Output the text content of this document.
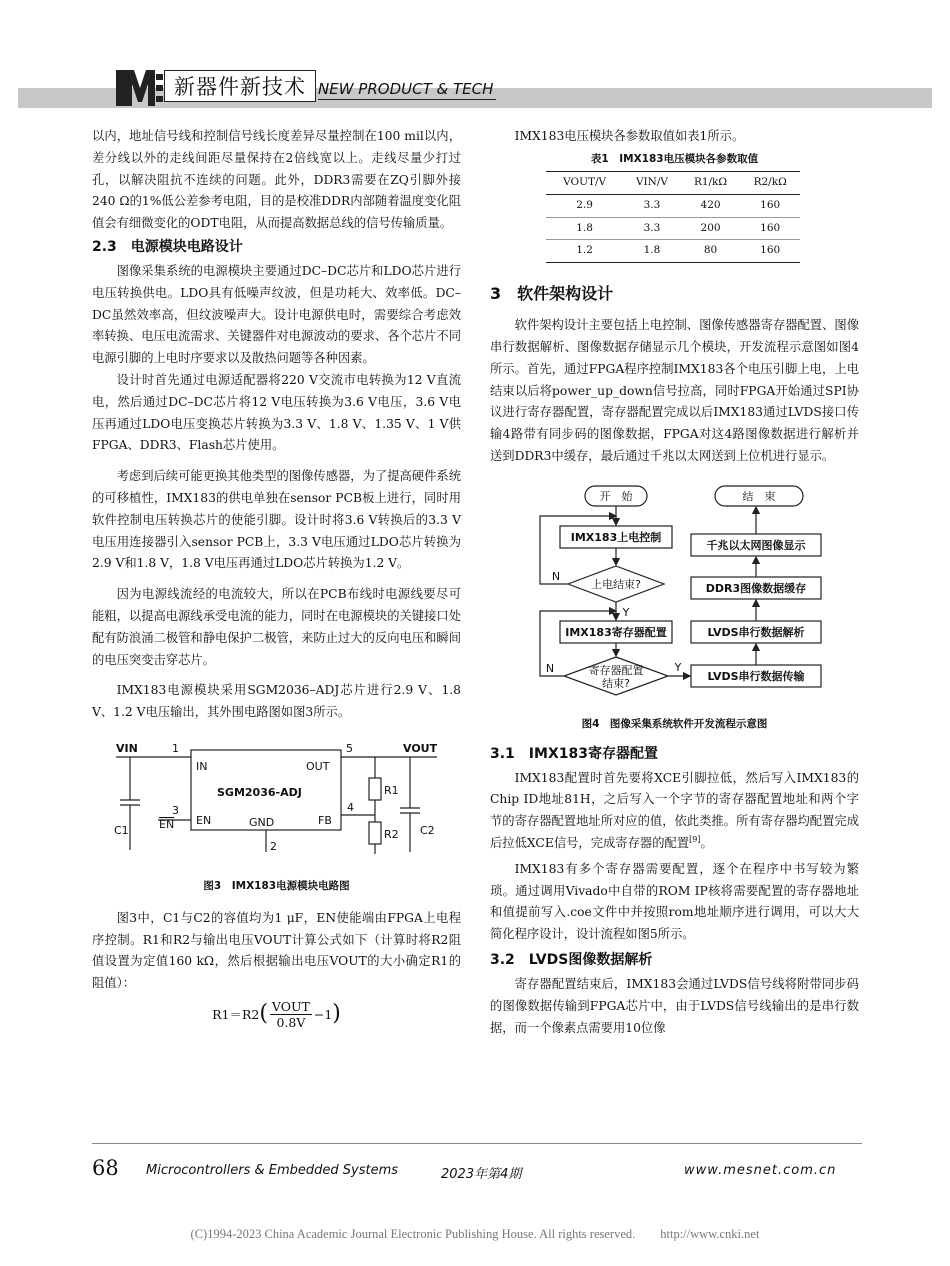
新器件新技术 NEW PRODUCT & TECH

以内，地址信号线和控制信号线长度差异尽量控制在100 mil以内，差分线以外的走线间距尽量保持在2倍线宽以上。走线尽量少打过孔，以解决阻抗不连续的问题。此外，DDR3需要在ZQ引脚外接240 Ω的1%低公差参考电阻，目的是校准DDR内部随着温度变化阻值会有细微变化的ODT电阻，从而提高数据总线的信号传输质量。

2.3　电源模块电路设计

图像采集系统的电源模块主要通过DC–DC芯片和LDO芯片进行电压转换供电。LDO具有低噪声纹波，但是功耗大、效率低。DC–DC虽然效率高，但纹波噪声大。设计电源供电时，需要综合考虑效率转换、电压电流需求、关键器件对电源波动的要求、各个芯片不同电源引脚的上电时序要求以及散热问题等各种因素。

设计时首先通过电源适配器将220 V交流市电转换为12 V直流电，然后通过DC–DC芯片将12 V电压转换为3.6 V电压，3.6 V电压再通过LDO电压变换芯片转换为3.3 V、1.8 V、1.35 V、1 V供FPGA、DDR3、Flash芯片使用。

考虑到后续可能更换其他类型的图像传感器，为了提高硬件系统的可移植性，IMX183的供电单独在sensor PCB板上进行，同时用软件控制电压转换芯片的使能引脚。设计时将3.6 V转换后的3.3 V电压用连接器引入sensor PCB上，3.3 V电压通过LDO芯片转换为2.9 V和1.8 V，1.8 V电压再通过LDO芯片转换为1.2 V。

因为电源线流经的电流较大，所以在PCB布线时电源线要尽可能粗，以提高电源线承受电流的能力，同时在电源模块的关键接口处配有防浪涌二极管和静电保护二极管，来防止过大的反向电压和瞬间的电压突变击穿芯片。

IMX183电源模块采用SGM2036–ADJ芯片进行2.9 V、1.8 V、1.2 V电压输出，其外围电路图如图3所示。

VIN	1
IN	OUT
5	VOUT
3
EN EN
SGM2036-ADJ
FB
4
GND
2
C1	C2
R1
R2
图3　IMX183电源模块电路图

图3中，C1与C2的容值均为1 μF，EN使能端由FPGA上电程序控制。R1和R2与输出电压VOUT计算公式如下（计算时将R2阻值设置为定值160 kΩ，然后根据输出电压VOUT的大小确定R1的阻值）：

R1＝R2 ( VOUT
0.8V
−1 )

IMX183电压模块各参数取值如表1所示。

表1　IMX183电压模块各参数取值
VOUT/V	VIN/V	R1/kΩ	R2/kΩ
2.9	3.3	420	160
1.8	3.3	200	160
1.2	1.8	80	160

3　软件架构设计

软件架构设计主要包括上电控制、图像传感器寄存器配置、图像串行数据解析、图像数据存储显示几个模块，开发流程示意图如图4所示。首先，通过FPGA程序控制IMX183各个电压引脚上电，上电结束以后将power_up_down信号拉高，同时FPGA开始通过SPI协议进行寄存器配置，寄存器配置完成以后IMX183通过LVDS接口传输4路带有同步码的图像数据，FPGA对这4路图像数据进行解析并送到DDR3中缓存，最后通过千兆以太网送到上位机进行显示。

开　始	结　束
IMX183上电控制
上电结束?
IMX183寄存器配置
寄存器配置
结束?
LVDS串行数据传输
LVDS串行数据解析
DDR3图像数据缓存
千兆以太网图像显示
N
Y
N	Y
图4　图像采集系统软件开发流程示意图

3.1　IMX183寄存器配置

IMX183配置时首先要将XCE引脚拉低，然后写入IMX183的Chip ID地址81H，之后写入一个字节的寄存器配置地址和两个字节的寄存器配置地址所对应的值，依此类推。所有寄存器均配置完成后拉低XCE信号，完成寄存器的配置[9]。

IMX183有多个寄存器需要配置，逐个在程序中书写较为繁琐。通过调用Vivado中自带的ROM IP核将需要配置的寄存器地址和值提前写入.coe文件中并按照rom地址顺序进行调用，可以大大简化程序设计，设计流程如图5所示。

3.2　LVDS图像数据解析

寄存器配置结束后，IMX183会通过LVDS信号线将附带同步码的图像数据传输到FPGA芯片中，由于LVDS信号线输出的是串行数据，而一个像素点需要用10位像

68 Microcontrollers & Embedded Systems	2023年第4期	www.mesnet.com.cn
(C)1994-2023 China Academic Journal Electronic Publishing House. All rights reserved.　　http://www.cnki.net
